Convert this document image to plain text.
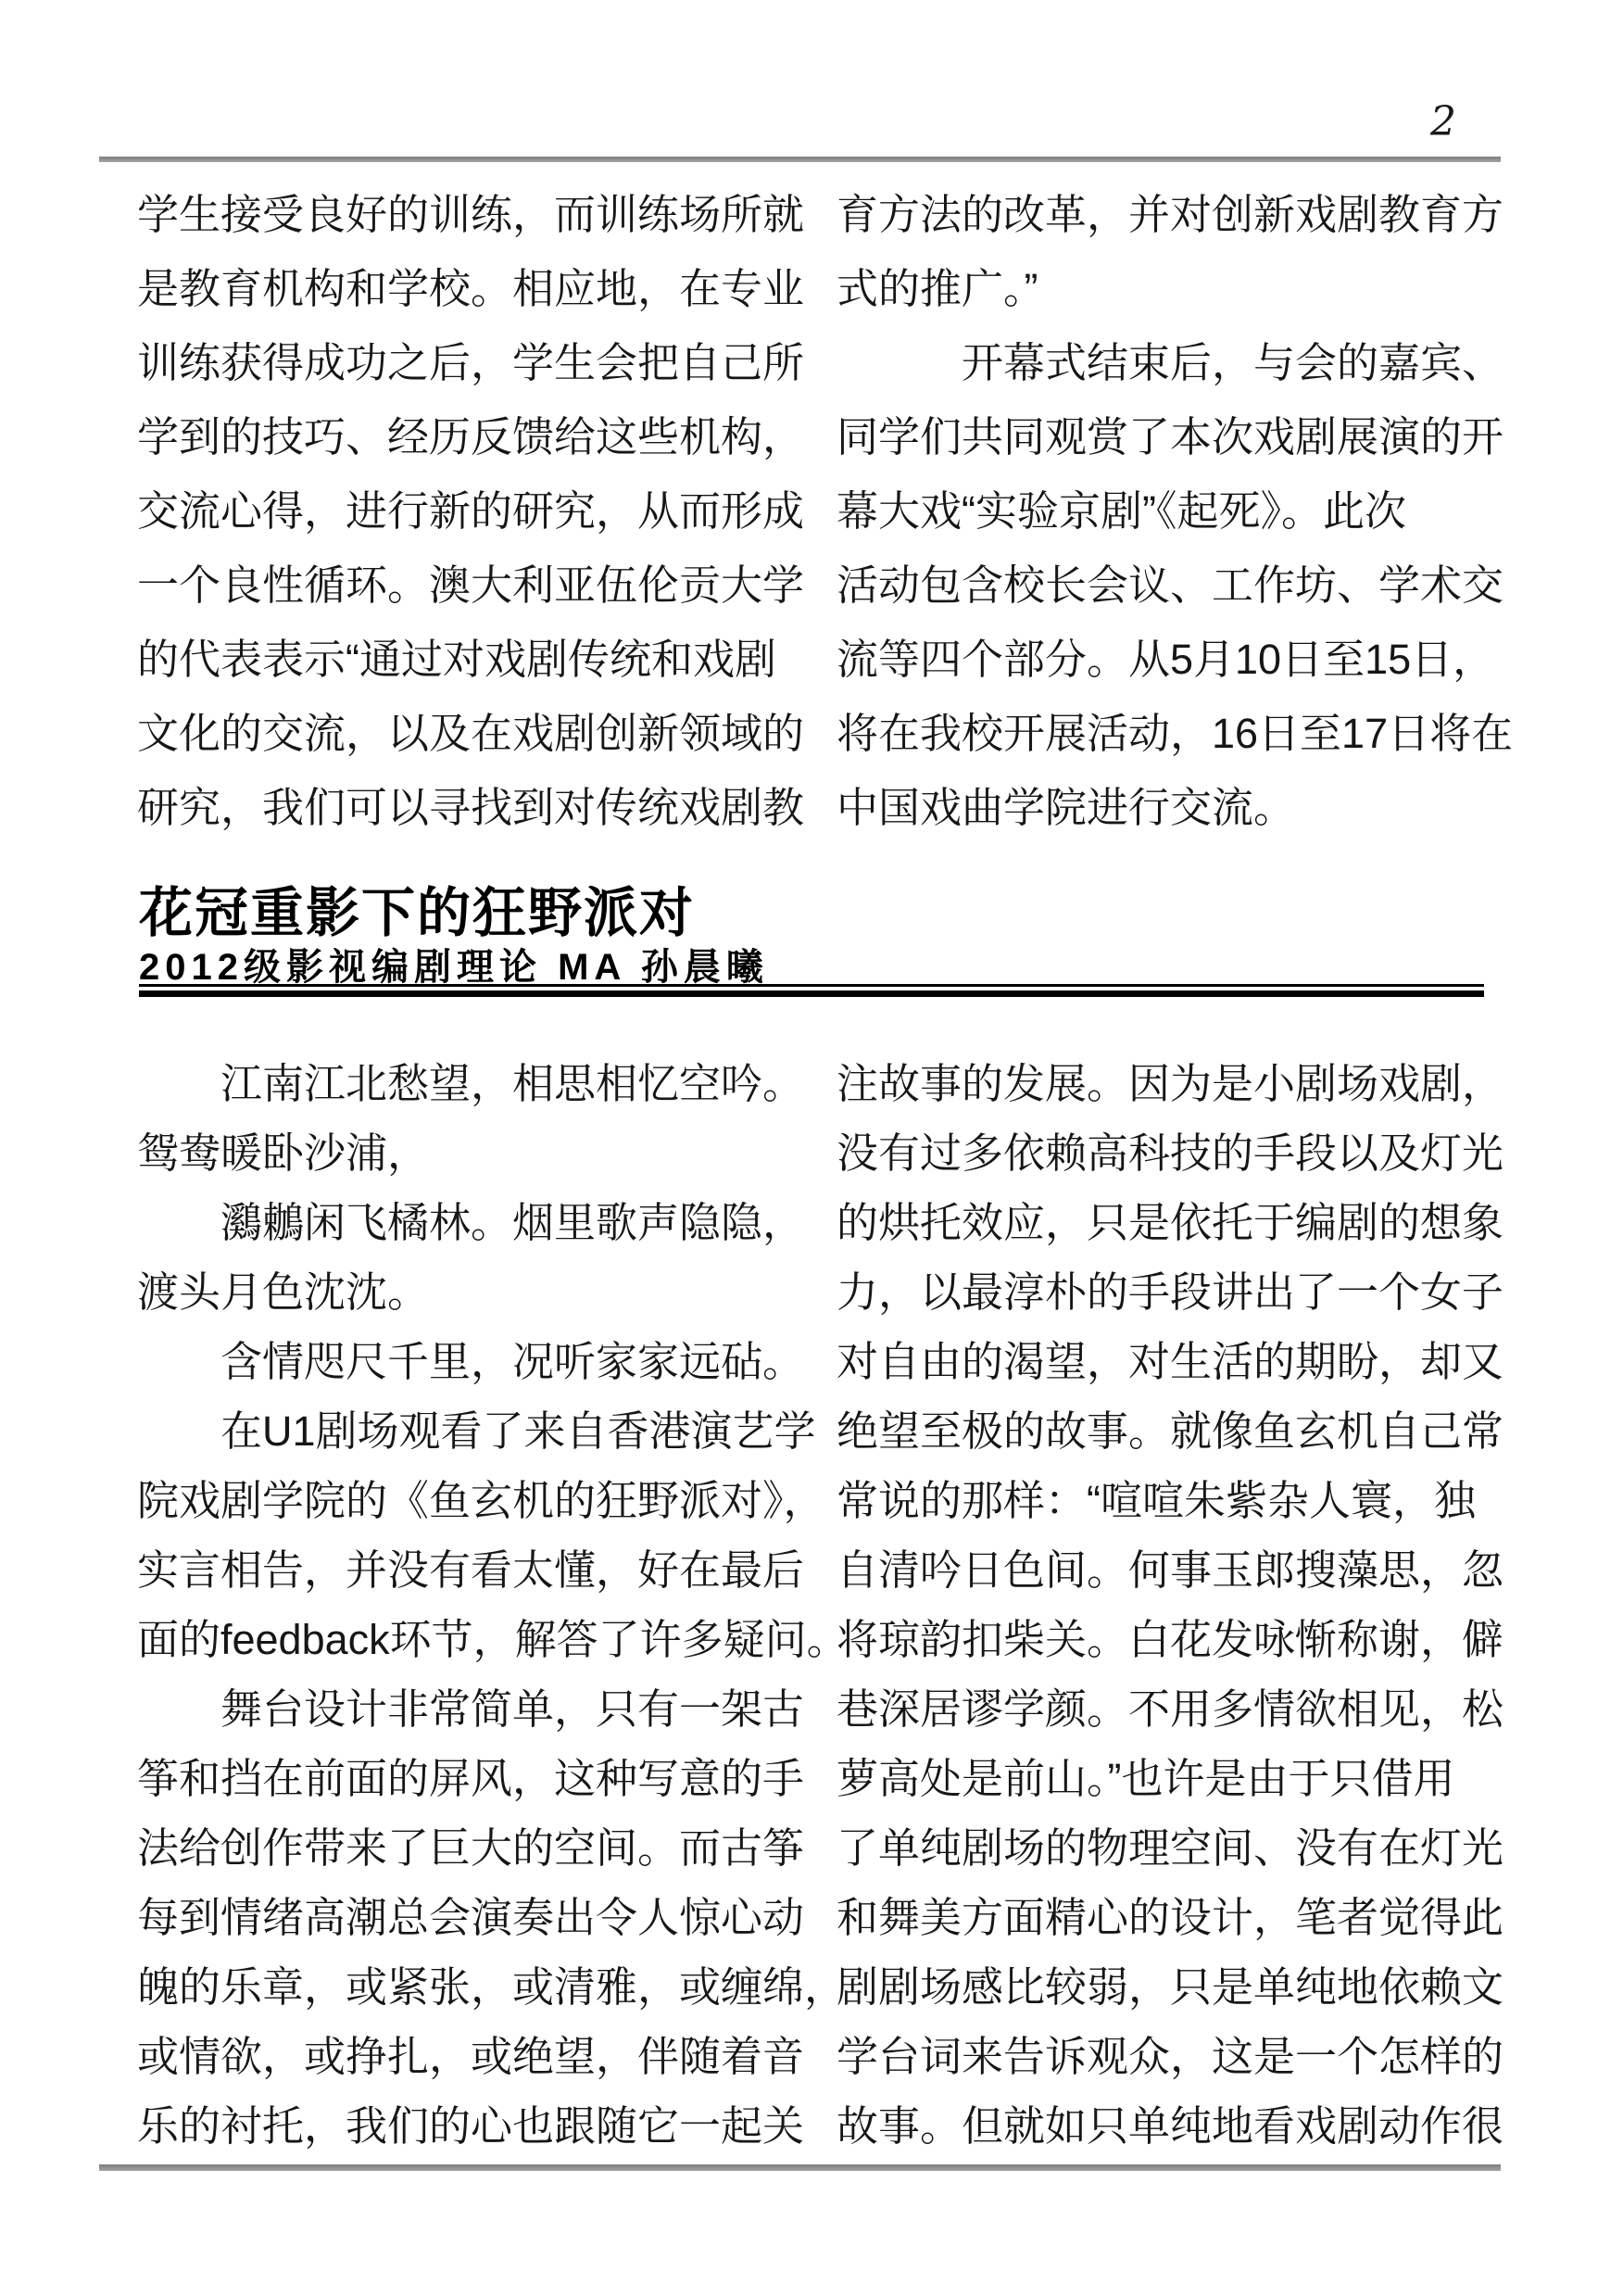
2
学生接受良好的训练，而训练场所就
是教育机构和学校。相应地，在专业
训练获得成功之后，学生会把自己所
学到的技巧、经历反馈给这些机构，
交流心得，进行新的研究，从而形成
一个良性循环。澳大利亚伍伦贡大学
的代表表示“通过对戏剧传统和戏剧
文化的交流，以及在戏剧创新领域的
研究，我们可以寻找到对传统戏剧教
育方法的改革，并对创新戏剧教育方
式的推广。”
　　　开幕式结束后，与会的嘉宾、
同学们共同观赏了本次戏剧展演的开
幕大戏“实验京剧”《起死》。此次
活动包含校长会议、工作坊、学术交
流等四个部分。从5月10日至15日，
将在我校开展活动，16日至17日将在
中国戏曲学院进行交流。
花冠重影下的狂野派对
2012级影视编剧理论 MA 孙晨曦
　　江南江北愁望，相思相忆空吟。
鸳鸯暖卧沙浦，
　　鸂鶒闲飞橘林。烟里歌声隐隐，
渡头月色沈沈。
　　含情咫尺千里，况听家家远砧。
　　在U1剧场观看了来自香港演艺学
院戏剧学院的《鱼玄机的狂野派对》，
实言相告，并没有看太懂，好在最后
面的feedback环节，解答了许多疑问。
　　舞台设计非常简单，只有一架古
筝和挡在前面的屏风，这种写意的手
法给创作带来了巨大的空间。而古筝
每到情绪高潮总会演奏出令人惊心动
魄的乐章，或紧张，或清雅，或缠绵，
或情欲，或挣扎，或绝望，伴随着音
乐的衬托，我们的心也跟随它一起关
注故事的发展。因为是小剧场戏剧，
没有过多依赖高科技的手段以及灯光
的烘托效应，只是依托于编剧的想象
力，以最淳朴的手段讲出了一个女子
对自由的渴望，对生活的期盼，却又
绝望至极的故事。就像鱼玄机自己常
常说的那样：“喧喧朱紫杂人寰，独
自清吟日色间。何事玉郎搜藻思，忽
将琼韵扣柴关。白花发咏惭称谢，僻
巷深居谬学颜。不用多情欲相见，松
萝高处是前山。”也许是由于只借用
了单纯剧场的物理空间、没有在灯光
和舞美方面精心的设计，笔者觉得此
剧剧场感比较弱，只是单纯地依赖文
学台词来告诉观众，这是一个怎样的
故事。但就如只单纯地看戏剧动作很
